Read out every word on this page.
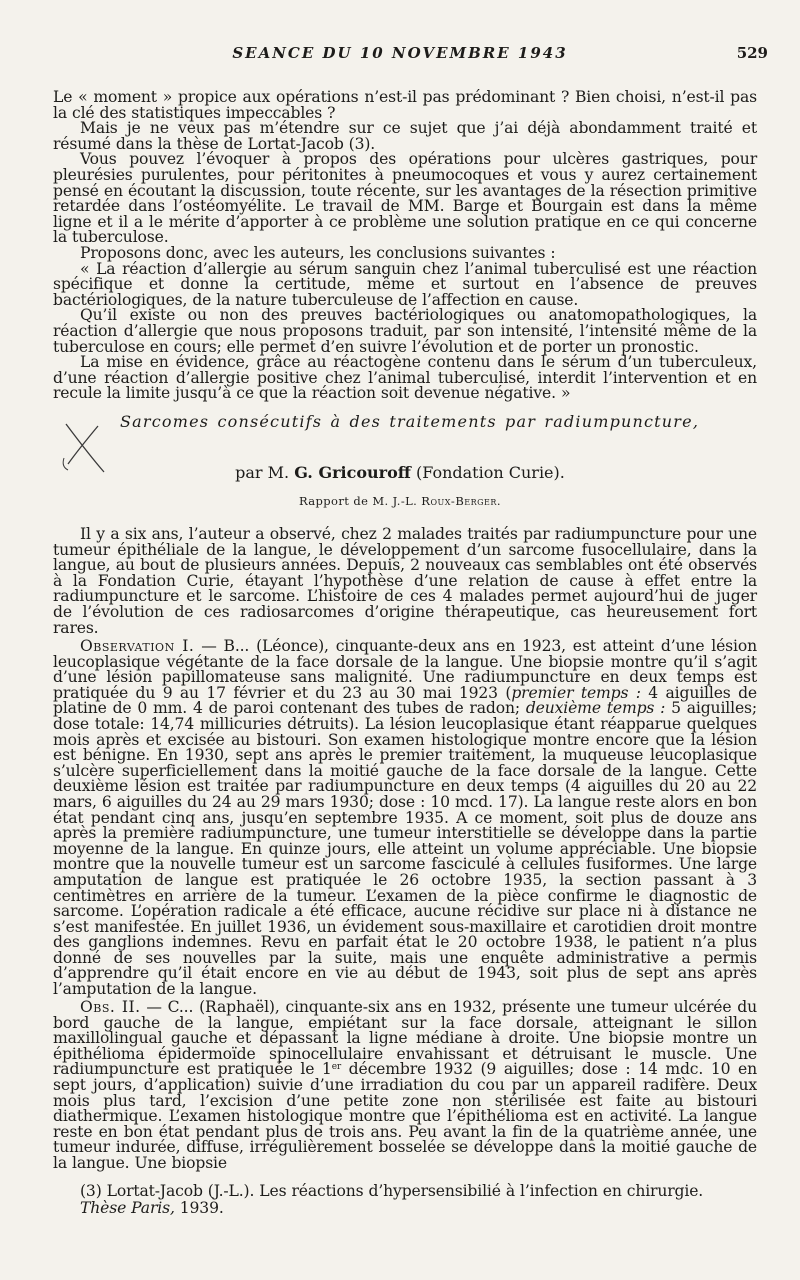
SEANCE DU 10 NOVEMBRE 1943	529

Le « moment » propice aux opérations n’est-il pas prédominant ? Bien choisi, n’est-il pas la clé des statistiques impeccables ?

Mais je ne veux pas m’étendre sur ce sujet que j’ai déjà abondamment traité et résumé dans la thèse de Lortat-Jacob (3).

Vous pouvez l’évoquer à propos des opérations pour ulcères gastriques, pour pleurésies purulentes, pour péritonites à pneumocoques et vous y aurez certainement pensé en écoutant la discussion, toute récente, sur les avantages de la résection primitive retardée dans l’ostéomyélite. Le travail de MM. Barge et Bourgain est dans la même ligne et il a le mérite d’apporter à ce problème une solution pratique en ce qui concerne la tuberculose.

Proposons donc, avec les auteurs, les conclusions suivantes :

« La réaction d’allergie au sérum sanguin chez l’animal tuberculisé est une réaction spécifique et donne la certitude, même et surtout en l’absence de preuves bactériologiques, de la nature tuberculeuse de l’affection en cause.

Qu’il existe ou non des preuves bactériologiques ou anatomopathologiques, la réaction d’allergie que nous proposons traduit, par son intensité, l’intensité même de la tuberculose en cours; elle permet d’en suivre l’évolution et de porter un pronostic.

La mise en évidence, grâce au réactogène contenu dans le sérum d’un tuberculeux, d’une réaction d’allergie positive chez l’animal tuberculisé, interdit l’intervention et en recule la limite jusqu’à ce que la réaction soit devenue négative. »

Sarcomes consécutifs à des traitements par radiumpuncture,
par M. G. Gricouroff (Fondation Curie).
Rapport de M. J.-L. Roux-Berger.

Il y a six ans, l’auteur a observé, chez 2 malades traités par radiumpuncture pour une tumeur épithéliale de la langue, le développement d’un sarcome fusocellulaire, dans la langue, au bout de plusieurs années. Depuis, 2 nouveaux cas semblables ont été observés à la Fondation Curie, étayant l’hypothèse d’une relation de cause à effet entre la radiumpuncture et le sarcome. L’histoire de ces 4 malades permet aujourd’hui de juger de l’évolution de ces radiosarcomes d’origine thérapeutique, cas heureusement fort rares.

Observation I. — B... (Léonce), cinquante-deux ans en 1923, est atteint d’une lésion leucoplasique végétante de la face dorsale de la langue. Une biopsie montre qu’il s’agit d’une lésion papillomateuse sans malignité. Une radiumpuncture en deux temps est pratiquée du 9 au 17 février et du 23 au 30 mai 1923 (premier temps : 4 aiguilles de platine de 0 mm. 4 de paroi contenant des tubes de radon; deuxième temps : 5 aiguilles; dose totale: 14,74 millicuries détruits). La lésion leucoplasique étant réapparue quelques mois après et excisée au bistouri. Son examen histologique montre encore que la lésion est bénigne. En 1930, sept ans après le premier traitement, la muqueuse leucoplasique s’ulcère superficiellement dans la moitié gauche de la face dorsale de la langue. Cette deuxième lésion est traitée par radiumpuncture en deux temps (4 aiguilles du 20 au 22 mars, 6 aiguilles du 24 au 29 mars 1930; dose : 10 mcd. 17). La langue reste alors en bon état pendant cinq ans, jusqu’en septembre 1935. A ce moment, soit plus de douze ans après la première radiumpuncture, une tumeur interstitielle se développe dans la partie moyenne de la langue. En quinze jours, elle atteint un volume appréciable. Une biopsie montre que la nouvelle tumeur est un sarcome fasciculé à cellules fusiformes. Une large amputation de langue est pratiquée le 26 octobre 1935, la section passant à 3 centimètres en arrière de la tumeur. L’examen de la pièce confirme le diagnostic de sarcome. L’opération radicale a été efficace, aucune récidive sur place ni à distance ne s’est manifestée. En juillet 1936, un évidement sous-maxillaire et carotidien droit montre des ganglions indemnes. Revu en parfait état le 20 octobre 1938, le patient n’a plus donné de ses nouvelles par la suite, mais une enquête administrative a permis d’apprendre qu’il était encore en vie au début de 1943, soit plus de sept ans après l’amputation de la langue.

Obs. II. — C... (Raphaël), cinquante-six ans en 1932, présente une tumeur ulcérée du bord gauche de la langue, empiétant sur la face dorsale, atteignant le sillon maxillolingual gauche et dépassant la ligne médiane à droite. Une biopsie montre un épithélioma épidermoïde spinocellulaire envahissant et détruisant le muscle. Une radiumpuncture est pratiquée le 1er décembre 1932 (9 aiguilles; dose : 14 mdc. 10 en sept jours, d’application) suivie d’une irradiation du cou par un appareil radifère. Deux mois plus tard, l’excision d’une petite zone non stérilisée est faite au bistouri diathermique. L’examen histologique montre que l’épithélioma est en activité. La langue reste en bon état pendant plus de trois ans. Peu avant la fin de la quatrième année, une tumeur indurée, diffuse, irrégulièrement bosselée se développe dans la moitié gauche de la langue. Une biopsie

(3) Lortat-Jacob (J.-L.). Les réactions d’hypersensibilié à l’infection en chirurgie.
Thèse Paris, 1939.
